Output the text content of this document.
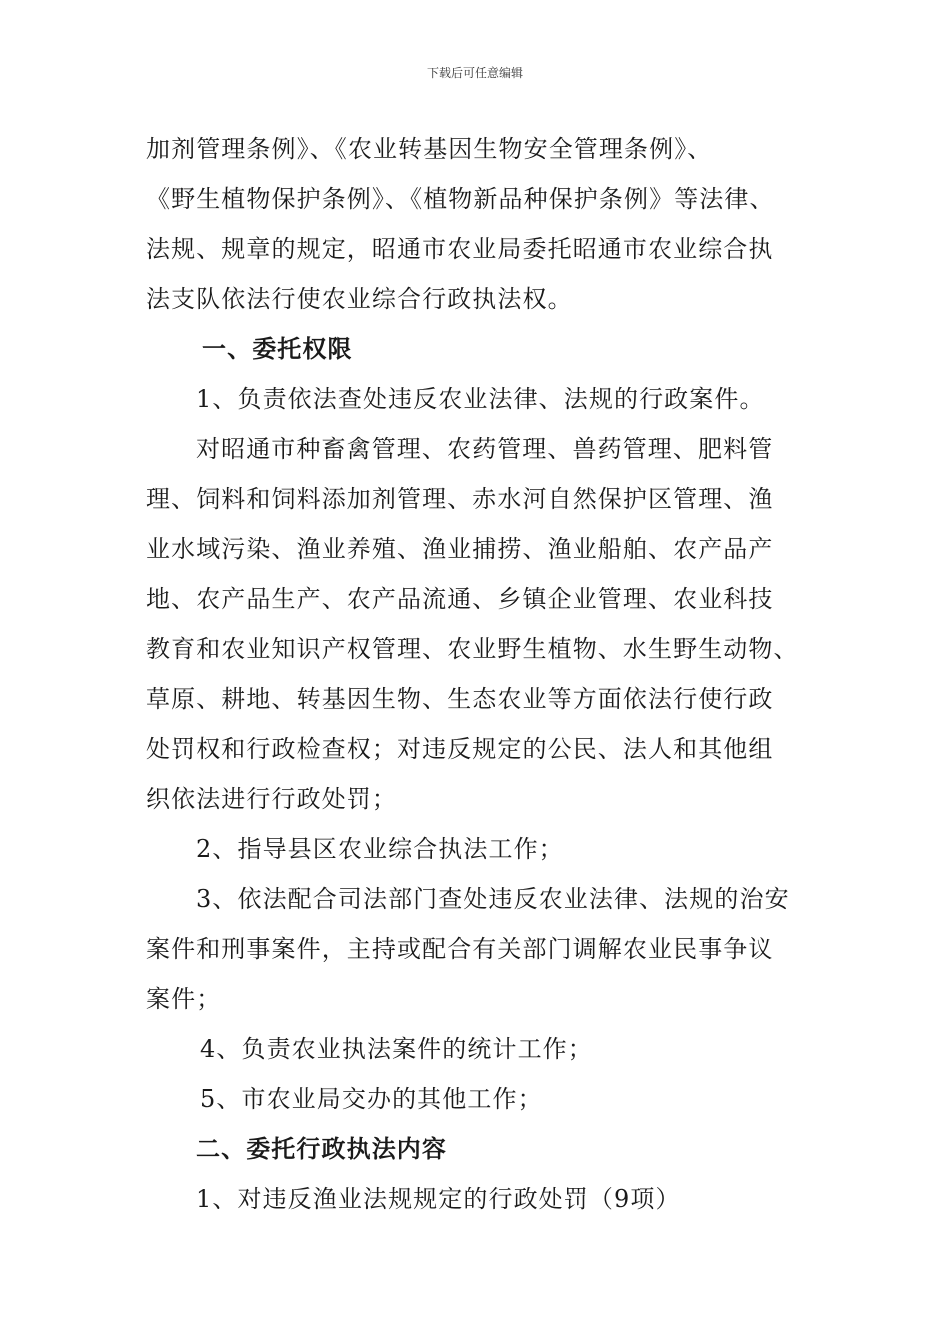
下载后可任意编辑
加剂管理条例》、《农业转基因生物安全管理条例》、
《野生植物保护条例》、《植物新品种保护条例》等法律、
法规、规章的规定，昭通市农业局委托昭通市农业综合执
法支队依法行使农业综合行政执法权。
一、委托权限
1、负责依法查处违反农业法律、法规的行政案件。
对昭通市种畜禽管理、农药管理、兽药管理、肥料管
理、饲料和饲料添加剂管理、赤水河自然保护区管理、渔
业水域污染、渔业养殖、渔业捕捞、渔业船舶、农产品产
地、农产品生产、农产品流通、乡镇企业管理、农业科技
教育和农业知识产权管理、农业野生植物、水生野生动物、
草原、耕地、转基因生物、生态农业等方面依法行使行政
处罚权和行政检查权；对违反规定的公民、法人和其他组
织依法进行行政处罚；
2、指导县区农业综合执法工作；
3、依法配合司法部门查处违反农业法律、法规的治安
案件和刑事案件，主持或配合有关部门调解农业民事争议
案件；
4、负责农业执法案件的统计工作；
5、市农业局交办的其他工作；
二、委托行政执法内容
1、对违反渔业法规规定的行政处罚（9项）
